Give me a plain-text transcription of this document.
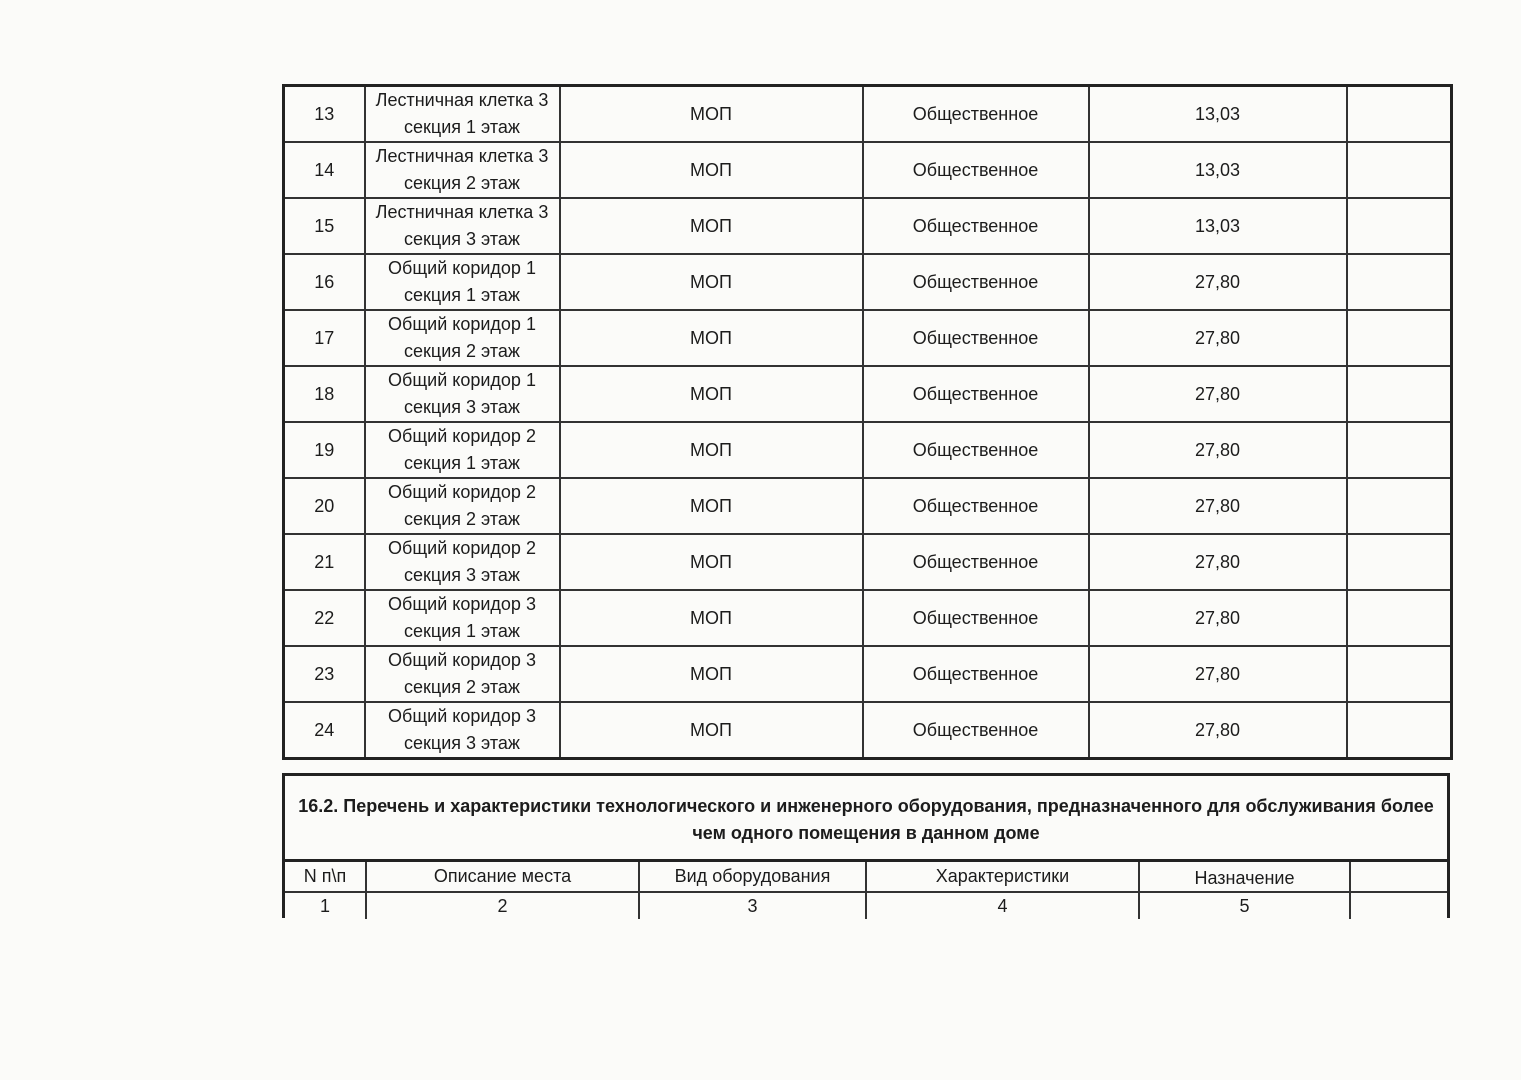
13	Лестничная клетка 3
секция 1 этаж	МОП	Общественное	13,03	
14	Лестничная клетка 3
секция 2 этаж	МОП	Общественное	13,03	
15	Лестничная клетка 3
секция 3 этаж	МОП	Общественное	13,03	
16	Общий коридор 1
секция 1 этаж	МОП	Общественное	27,80	
17	Общий коридор 1
секция 2 этаж	МОП	Общественное	27,80	
18	Общий коридор 1
секция 3 этаж	МОП	Общественное	27,80	
19	Общий коридор 2
секция 1 этаж	МОП	Общественное	27,80	
20	Общий коридор 2
секция 2 этаж	МОП	Общественное	27,80	
21	Общий коридор 2
секция 3 этаж	МОП	Общественное	27,80	
22	Общий коридор 3
секция 1 этаж	МОП	Общественное	27,80	
23	Общий коридор 3
секция 2 этаж	МОП	Общественное	27,80	
24	Общий коридор 3
секция 3 этаж	МОП	Общественное	27,80	
16.2. Перечень и характеристики технологического и инженерного оборудования, предназначенного для обслуживания более
чем одного помещения в данном доме
N п\п	Описание места	Вид оборудования	Характеристики	Назначение	
1	2	3	4	5	
